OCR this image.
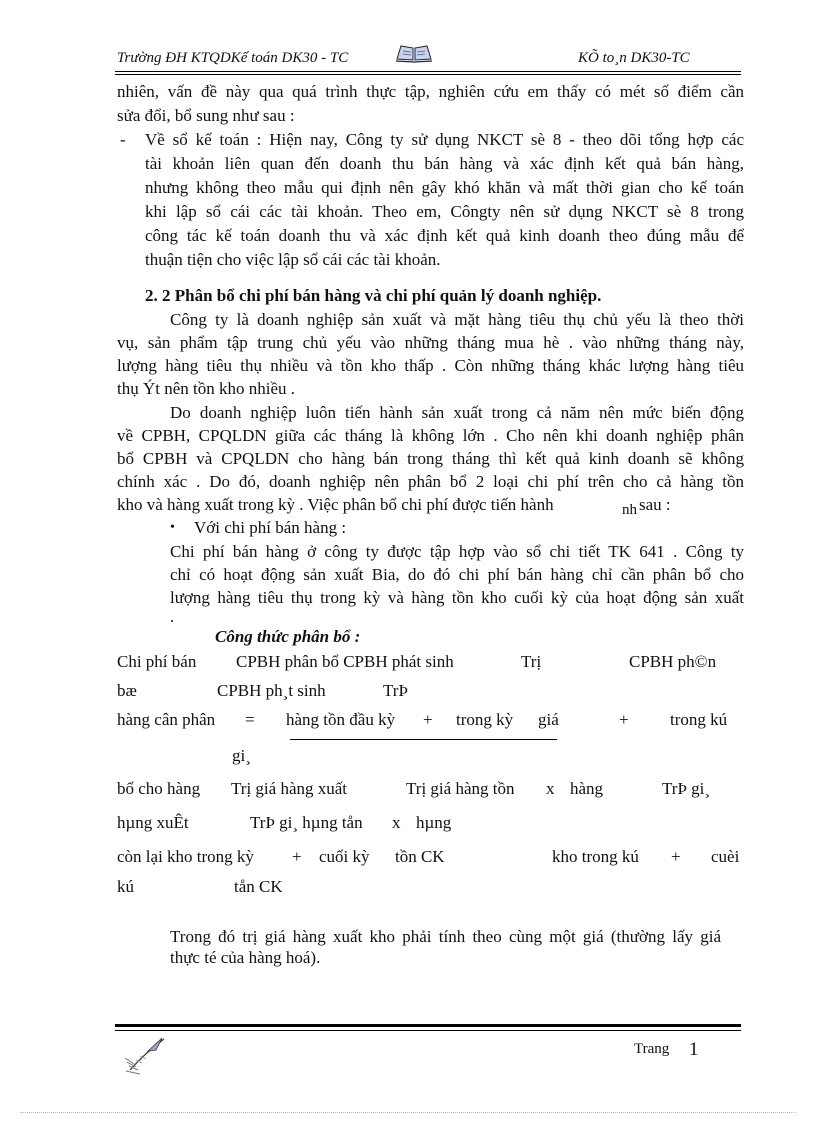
Trường ĐH KTQDKế toán DK30 - TC	KÕ to¸n DK30-TC
nhiên, vấn đề này qua quá trình thực tập, nghiên cứu em thấy có mét số điểm cần
sửa đổi, bổ sung như sau :
- Về sổ kế toán : Hiện nay, Công ty sử dụng NKCT sè 8 - theo dõi tổng hợp các
tài khoản liên quan đến doanh thu bán hàng và xác định kết quả bán hàng,
nhưng không theo mẫu qui định nên gây khó khăn và mất thời gian cho kế toán
khi lập sổ cái các tài khoản. Theo em, Côngty nên sử dụng NKCT sè 8 trong
công tác kế toán doanh thu và xác định kết quả kinh doanh theo đúng mẫu để
thuận tiện cho việc lập sổ cái các tài khoản.
2. 2 Phân bổ chi phí bán hàng và chi phí quản lý doanh nghiệp.
Công ty là doanh nghiệp sản xuất và mặt hàng tiêu thụ chủ yếu là theo thời
vụ, sản phẩm tập trung chủ yếu vào những tháng mua hè . vào những tháng này,
lượng hàng tiêu thụ nhiều và tồn kho thấp . Còn những tháng khác lượng hàng tiêu
thụ Ýt nên tồn kho nhiều .
Do doanh nghiệp luôn tiến hành sản xuất trong cả năm nên mức biến động
về CPBH, CPQLDN giữa các tháng là không lớn . Cho nên khi doanh nghiệp phân
bổ CPBH và CPQLDN cho hàng bán trong tháng thì kết quả kinh doanh sẽ không
chính xác . Do đó, doanh nghiệp nên phân bổ 2 loại chi phí trên cho cả hàng tồn
kho và hàng xuất trong kỳ . Việc phân bổ chi phí được tiến hành	nh sau :
• Với chi phí bán hàng :
Chi phí bán hàng ở công ty được tập hợp vào sổ chi tiết TK 641 . Công ty
chỉ có hoạt động sản xuất Bia, do đó chi phí bán hàng chỉ cần phân bổ cho
lượng hàng tiêu thụ trong kỳ và hàng tồn kho cuối kỳ của hoạt động sản xuất
.
Công thức phân bổ :
Chi phí bán CPBH phân bổ CPBH phát sinh	Trị	CPBH ph©n
bæ	CPBH ph¸t sinh	TrÞ
hàng cân phân = hàng tồn đầu kỳ + trong kỳ giá	+ trong kú
gi¸
bổ cho hàng Trị giá hàng xuất	Trị giá hàng tồn x hàng	TrÞ gi¸
hµng xuÊt	TrÞ gi¸ hµng tån x hµng
còn lại kho trong kỳ + cuối kỳ tồn CK	kho trong kú + cuèi
kú	tån CK
Trong đó trị giá hàng xuất kho phải tính theo cùng một giá (thường lấy giá
thực té của hàng hoá).
Trang 1
